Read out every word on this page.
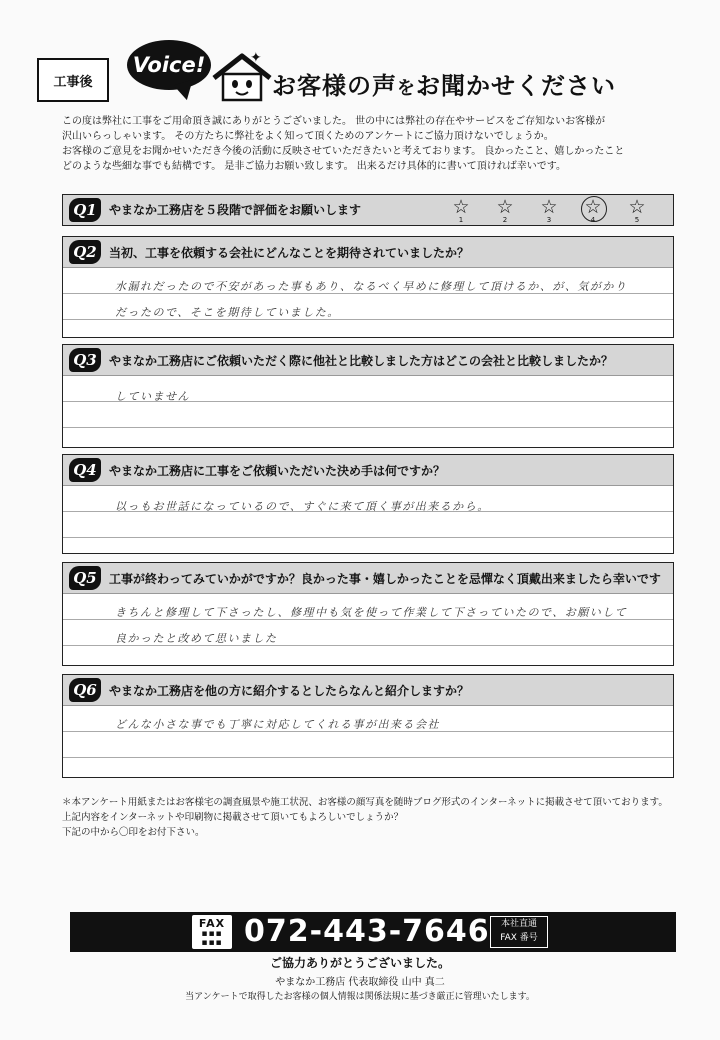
工事後
Voice!	✦
お客様の声をお聞かせください

この度は弊社に工事をご用命頂き誠にありがとうございました。 世の中には弊社の存在やサービスをご存知ないお客様が

沢山いらっしゃいます。 その方たちに弊社をよく知って頂くためのアンケートにご協力頂けないでしょうか。

お客様のご意見をお聞かせいただき今後の活動に反映させていただきたいと考えております。 良かったこと、嬉しかったこと

どのような些細な事でも結構です。 是非ご協力お願い致します。 出来るだけ具体的に書いて頂ければ幸いです。

Q1	やまなか工務店を５段階で評価をお願いします	☆
1
☆
2
☆
3
☆
4
☆
5
Q2	当初、工事を依頼する会社にどんなことを期待されていましたか？
水漏れだったので不安があった事もあり、なるべく早めに修理して頂けるか、が、気がかり
だったので、そこを期待していました。
Q3	やまなか工務店にご依頼いただく際に他社と比較しました方はどこの会社と比較しましたか？
していません
Q4	やまなか工務店に工事をご依頼いただいた決め手は何ですか？
以っもお世話になっているので、すぐに来て頂く事が出来るから。
Q5	工事が終わってみていかがですか？良かった事・嬉しかったことを忌憚なく頂戴出来ましたら幸いです
きちんと修理して下さったし、修理中も気を使って作業して下さっていたので、お願いして
良かったと改めて思いました
Q6	やまなか工務店を他の方に紹介するとしたらなんと紹介しますか？
どんな小さな事でも丁寧に対応してくれる事が出来る会社

＊本アンケート用紙またはお客様宅の調査風景や施工状況、お客様の顔写真を随時ブログ形式のインターネットに掲載させて頂いております。

上記内容をインターネットや印刷物に掲載させて頂いてもよろしいでしょうか？

下記の中から〇印をお付下さい。

FAX
▪▪▪ ▪▪▪ 072-443-7646	本社直通
FAX 番号
ご協力ありがとうございました。
やまなか工務店 代表取締役 山中 真二
当アンケートで取得したお客様の個人情報は関係法規に基づき厳正に管理いたします。
